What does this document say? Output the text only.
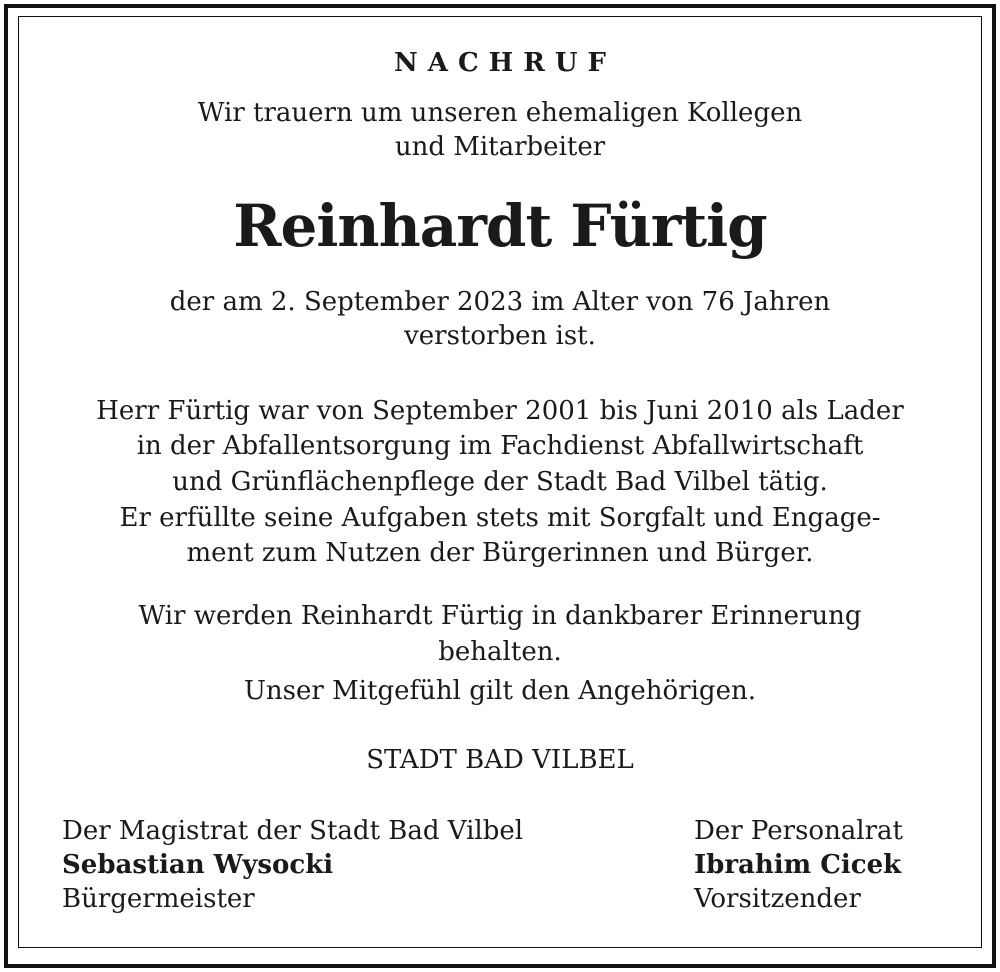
NACHRUF
Wir trauern um unseren ehemaligen Kollegen
und Mitarbeiter
Reinhardt Fürtig
der am 2. September 2023 im Alter von 76 Jahren
verstorben ist.
Herr Fürtig war von September 2001 bis Juni 2010 als Lader
in der Abfallentsorgung im Fachdienst Abfallwirtschaft
und Grünflächenpflege der Stadt Bad Vilbel tätig.
Er erfüllte seine Aufgaben stets mit Sorgfalt und Engage-
ment zum Nutzen der Bürgerinnen und Bürger.
Wir werden Reinhardt Fürtig in dankbarer Erinnerung
behalten.
Unser Mitgefühl gilt den Angehörigen.
STADT BAD VILBEL
Der Magistrat der Stadt Bad Vilbel
Sebastian Wysocki
Bürgermeister
Der Personalrat
Ibrahim Cicek
Vorsitzender
